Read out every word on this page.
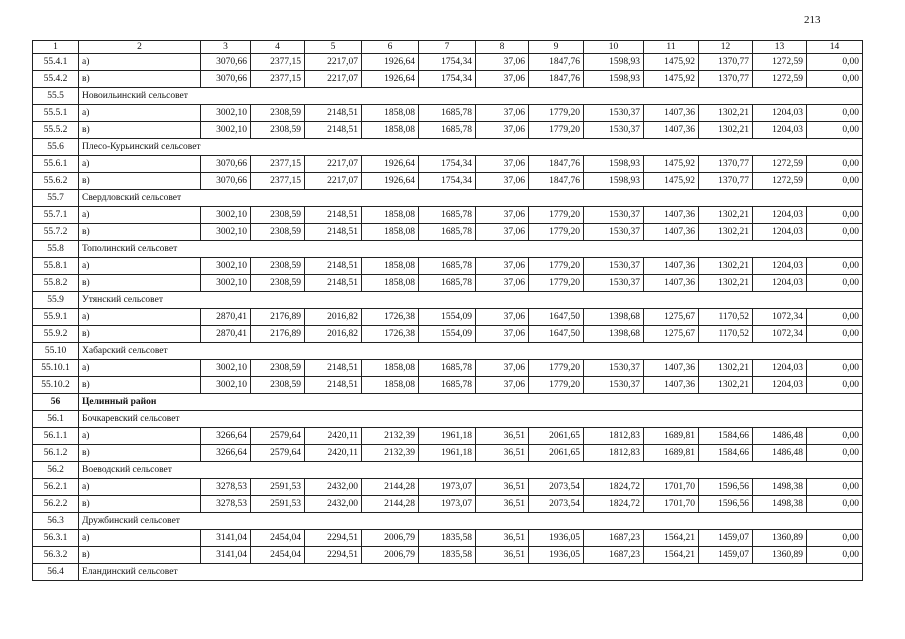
213
1	2	3	4	5	6	7	8	9	10	11	12	13	14
55.4.1	а)	3070,66	2377,15	2217,07	1926,64	1754,34	37,06	1847,76	1598,93	1475,92	1370,77	1272,59	0,00
55.4.2	в)	3070,66	2377,15	2217,07	1926,64	1754,34	37,06	1847,76	1598,93	1475,92	1370,77	1272,59	0,00
55.5	Новоильинский сельсовет												
55.5.1	а)	3002,10	2308,59	2148,51	1858,08	1685,78	37,06	1779,20	1530,37	1407,36	1302,21	1204,03	0,00
55.5.2	в)	3002,10	2308,59	2148,51	1858,08	1685,78	37,06	1779,20	1530,37	1407,36	1302,21	1204,03	0,00
55.6	Плесо-Курьинский сельсовет												
55.6.1	а)	3070,66	2377,15	2217,07	1926,64	1754,34	37,06	1847,76	1598,93	1475,92	1370,77	1272,59	0,00
55.6.2	в)	3070,66	2377,15	2217,07	1926,64	1754,34	37,06	1847,76	1598,93	1475,92	1370,77	1272,59	0,00
55.7	Свердловский сельсовет												
55.7.1	а)	3002,10	2308,59	2148,51	1858,08	1685,78	37,06	1779,20	1530,37	1407,36	1302,21	1204,03	0,00
55.7.2	в)	3002,10	2308,59	2148,51	1858,08	1685,78	37,06	1779,20	1530,37	1407,36	1302,21	1204,03	0,00
55.8	Тополинский сельсовет												
55.8.1	а)	3002,10	2308,59	2148,51	1858,08	1685,78	37,06	1779,20	1530,37	1407,36	1302,21	1204,03	0,00
55.8.2	в)	3002,10	2308,59	2148,51	1858,08	1685,78	37,06	1779,20	1530,37	1407,36	1302,21	1204,03	0,00
55.9	Утянский сельсовет												
55.9.1	а)	2870,41	2176,89	2016,82	1726,38	1554,09	37,06	1647,50	1398,68	1275,67	1170,52	1072,34	0,00
55.9.2	в)	2870,41	2176,89	2016,82	1726,38	1554,09	37,06	1647,50	1398,68	1275,67	1170,52	1072,34	0,00
55.10	Хабарский сельсовет												
55.10.1	а)	3002,10	2308,59	2148,51	1858,08	1685,78	37,06	1779,20	1530,37	1407,36	1302,21	1204,03	0,00
55.10.2	в)	3002,10	2308,59	2148,51	1858,08	1685,78	37,06	1779,20	1530,37	1407,36	1302,21	1204,03	0,00
56	Целинный район												
56.1	Бочкаревский сельсовет												
56.1.1	а)	3266,64	2579,64	2420,11	2132,39	1961,18	36,51	2061,65	1812,83	1689,81	1584,66	1486,48	0,00
56.1.2	в)	3266,64	2579,64	2420,11	2132,39	1961,18	36,51	2061,65	1812,83	1689,81	1584,66	1486,48	0,00
56.2	Воеводский сельсовет												
56.2.1	а)	3278,53	2591,53	2432,00	2144,28	1973,07	36,51	2073,54	1824,72	1701,70	1596,56	1498,38	0,00
56.2.2	в)	3278,53	2591,53	2432,00	2144,28	1973,07	36,51	2073,54	1824,72	1701,70	1596,56	1498,38	0,00
56.3	Дружбинский сельсовет												
56.3.1	а)	3141,04	2454,04	2294,51	2006,79	1835,58	36,51	1936,05	1687,23	1564,21	1459,07	1360,89	0,00
56.3.2	в)	3141,04	2454,04	2294,51	2006,79	1835,58	36,51	1936,05	1687,23	1564,21	1459,07	1360,89	0,00
56.4	Еландинский сельсовет												
